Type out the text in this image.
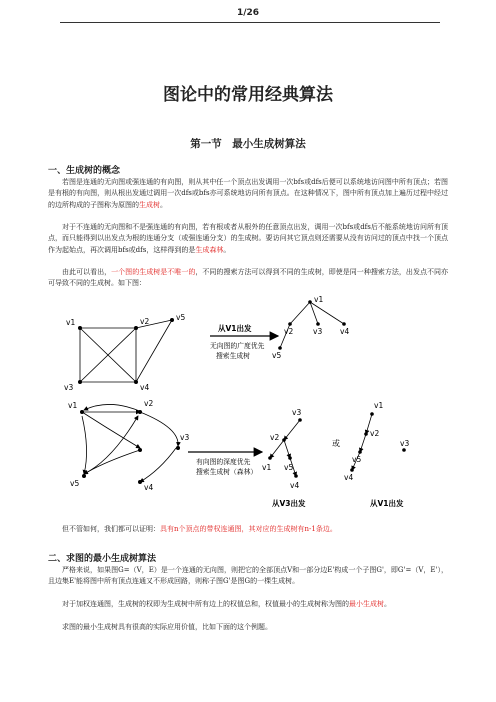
1/26
图论中的常用经典算法
第一节　最小生成树算法
一、生成树的概念
若图是连通的无向图或强连通的有向图，则从其中任一个顶点出发调用一次bfs或dfs后便可以系统地访问图中所有顶点；若图是有根的有向图，则从根出发通过调用一次dfs或bfs亦可系统地访问所有顶点。在这种情况下，图中所有顶点加上遍历过程中经过的边所构成的子图称为原图的生成树。
对于不连通的无向图和不是强连通的有向图，若有根或者从根外的任意顶点出发，调用一次bfs或dfs后不能系统地访问所有顶点，而只能得到以出发点为根的连通分支（或强连通分支）的生成树。要访问其它顶点则还需要从没有访问过的顶点中找一个顶点作为起始点，再次调用bfs或dfs，这样得到的是生成森林。
由此可以看出，一个图的生成树是不唯一的，不同的搜索方法可以得到不同的生成树，即使是同一种搜索方法，出发点不同亦可导致不同的生成树。如下图：
v1	v2
v3	v4
v5
从V1出发
无向图的广度优先
搜索生成树
v1
v2	v3 v4
v5
v1	v2
v3
v5	v4
有向图的深度优先
搜索生成树（森林）
v3
v2
v1 v5
v4
从V3出发
或
v1
v2
v5
v4
v3
从V1出发
但不管如何，我们都可以证明：具有n个顶点的带权连通图，其对应的生成树有n-1条边。
二、求图的最小生成树算法
严格来说，如果图G=（V，E）是一个连通的无向图，则把它的全部顶点V和一部分边E'构成一个子图G'，即G'=（V，E'），且边集E'能将图中所有顶点连通又不形成回路，则称子图G'是图G的一棵生成树。
对于加权连通图，生成树的权即为生成树中所有边上的权值总和，权值最小的生成树称为图的最小生成树。
求图的最小生成树具有很高的实际应用价值，比如下面的这个例题。
